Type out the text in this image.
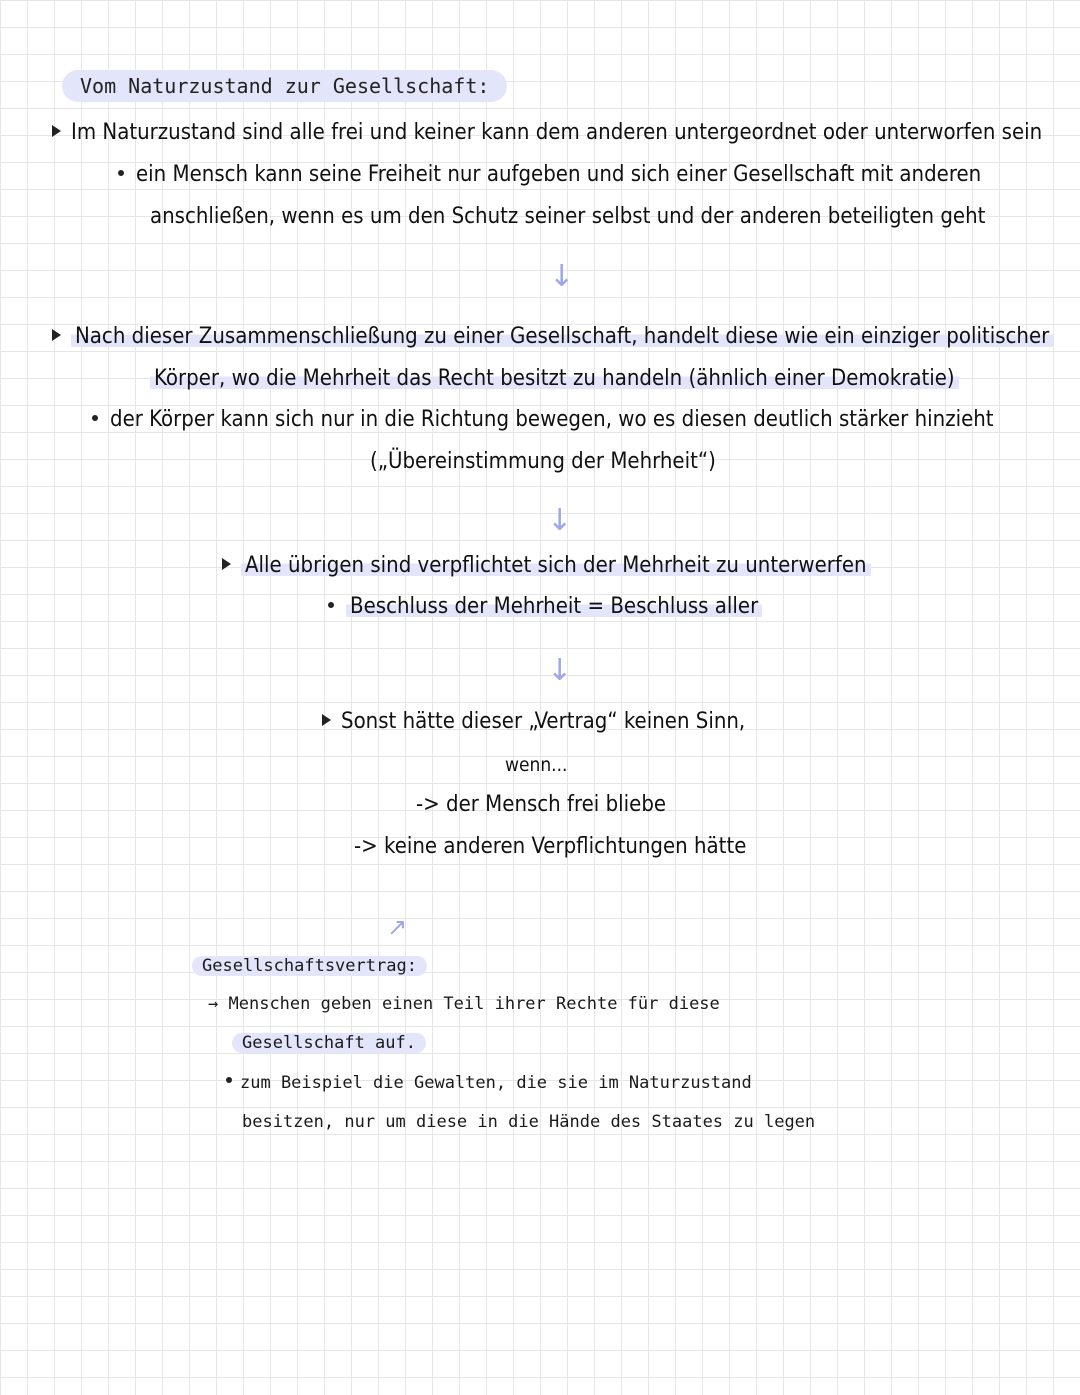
Vom Naturzustand zur Gesellschaft:
Im Naturzustand sind alle frei und keiner kann dem anderen untergeordnet oder unterworfen sein
ein Mensch kann seine Freiheit nur aufgeben und sich einer Gesellschaft mit anderen
anschließen, wenn es um den Schutz seiner selbst und der anderen beteiligten geht
↓
Nach dieser Zusammenschließung zu einer Gesellschaft, handelt diese wie ein einziger politischer
Körper, wo die Mehrheit das Recht besitzt zu handeln (ähnlich einer Demokratie)
der Körper kann sich nur in die Richtung bewegen, wo es diesen deutlich stärker hinzieht
(„Übereinstimmung der Mehrheit“)
↓
Alle übrigen sind verpflichtet sich der Mehrheit zu unterwerfen
Beschluss der Mehrheit = Beschluss aller
↓
Sonst hätte dieser „Vertrag“ keinen Sinn,
wenn...
-> der Mensch frei bliebe
-> keine anderen Verpflichtungen hätte
↗
Gesellschaftsvertrag:
→ Menschen geben einen Teil ihrer Rechte für diese
Gesellschaft auf.
zum Beispiel die Gewalten, die sie im Naturzustand
besitzen, nur um diese in die Hände des Staates zu legen
